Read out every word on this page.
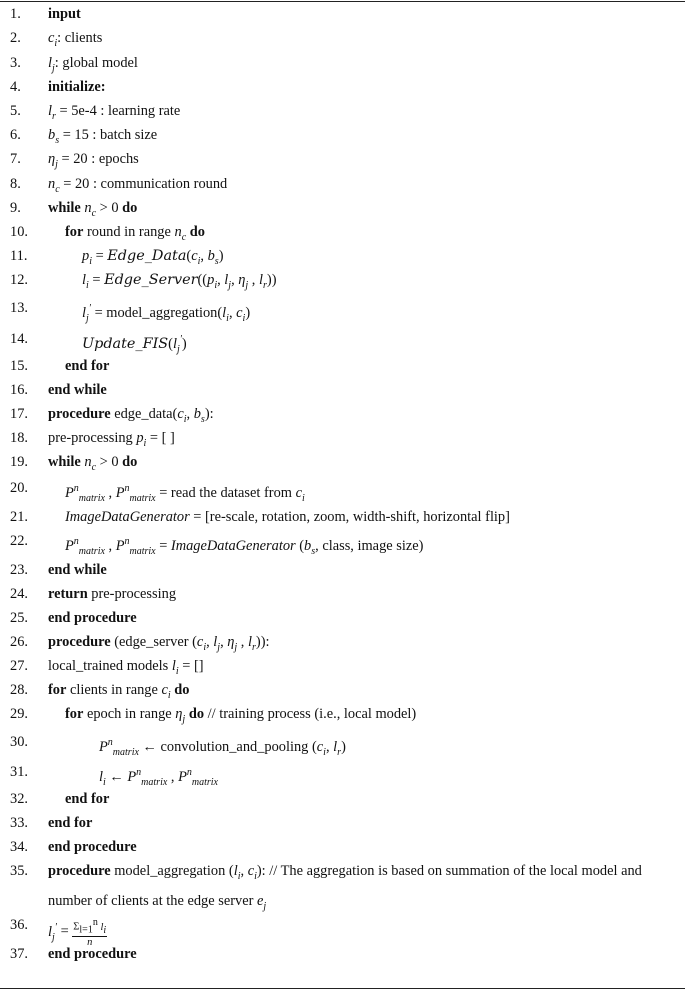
1.	input
2.	$c_i$: clients
3.	$l_j$: global model
4.	initialize:
5.	$l_r = 5e-4$ : learning rate
6.	$b_s = 15$ : batch size
7.	$\eta_j = 20$ : epochs
8.	$n_c = 20$ : communication round
9.	while $n_c > 0$ do
10.	for round in range $n_c$ do
11.	$p_i$ = $Edge\_Data(c_i$, $b_s$)
12.	$l_i$ = $Edge\_Server((p_i$, $l_j$, $\eta_j$ , $l_r$))
13.	$l_j'$ = $model\_aggregation(l_i$, $c_i$)
14.	$Update\_FIS(l_j')$
15.	end for
16.	end while
17.	procedure $edge\_data(c_i$, $b_s$):
18.	pre-processing $p_i$ = [ ]
19.	while $n_c > 0$ do
20.	$P^n_{matrix}$ , $P^n_{matrix}$ = read the dataset from $c_i$
21.	ImageDataGenerator = [re-scale, rotation, zoom, width-shift, horizontal flip]
22.	$P^n_{matrix}$ , $P^n_{matrix}$ = ImageDataGenerator ($b_s$, class, image size)
23.	end while
24.	return pre-processing
25.	end procedure
26.	procedure (edge_server ($c_i$, $l_j$, $\eta_j$ , $l_r$)):
27.	local_trained models $l_i$ = []
28.	for clients in range $c_i$ do
29.	for epoch in range $\eta_j$ do // training process (i.e., local model)
30.	$P^n_{matrix}$ ← convolution_and_pooling ($c_i$, $l_r$)
31.	$l_i$ ← $P^n_{matrix}$ , $P^n_{matrix}$
32.	end for
33.	end for
34.	end procedure
35.	procedure model_aggregation ($l_i$, $c_i$): // The aggregation is based on summation of the local model and number of clients at the edge server $e_j$
36.	$l_j' = \frac{\Sigma_{l=1}^n l_i}{n}$
37.	end procedure
